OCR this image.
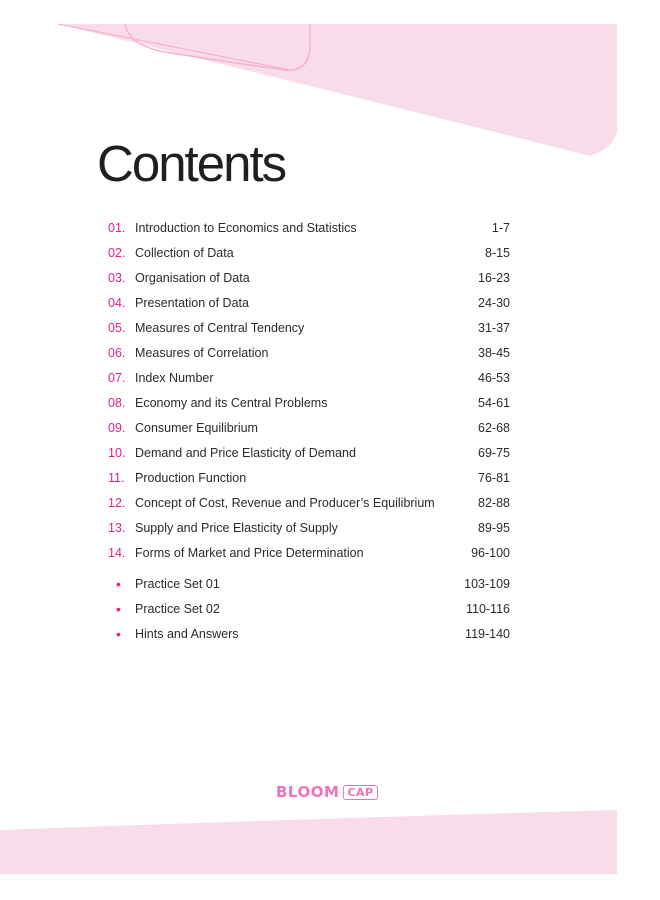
Contents
01. Introduction to Economics and Statistics	1-7
02. Collection of Data	8-15
03. Organisation of Data	16-23
04. Presentation of Data	24-30
05. Measures of Central Tendency	31-37
06. Measures of Correlation	38-45
07. Index Number	46-53
08. Economy and its Central Problems	54-61
09. Consumer Equilibrium	62-68
10. Demand and Price Elasticity of Demand	69-75
11. Production Function	76-81
12. Concept of Cost, Revenue and Producer’s Equilibrium	82-88
13. Supply and Price Elasticity of Supply	89-95
14. Forms of Market and Price Determination	96-100
• Practice Set 01	103-109
• Practice Set 02	110-116
• Hints and Answers	119-140
BLOOM CAP
